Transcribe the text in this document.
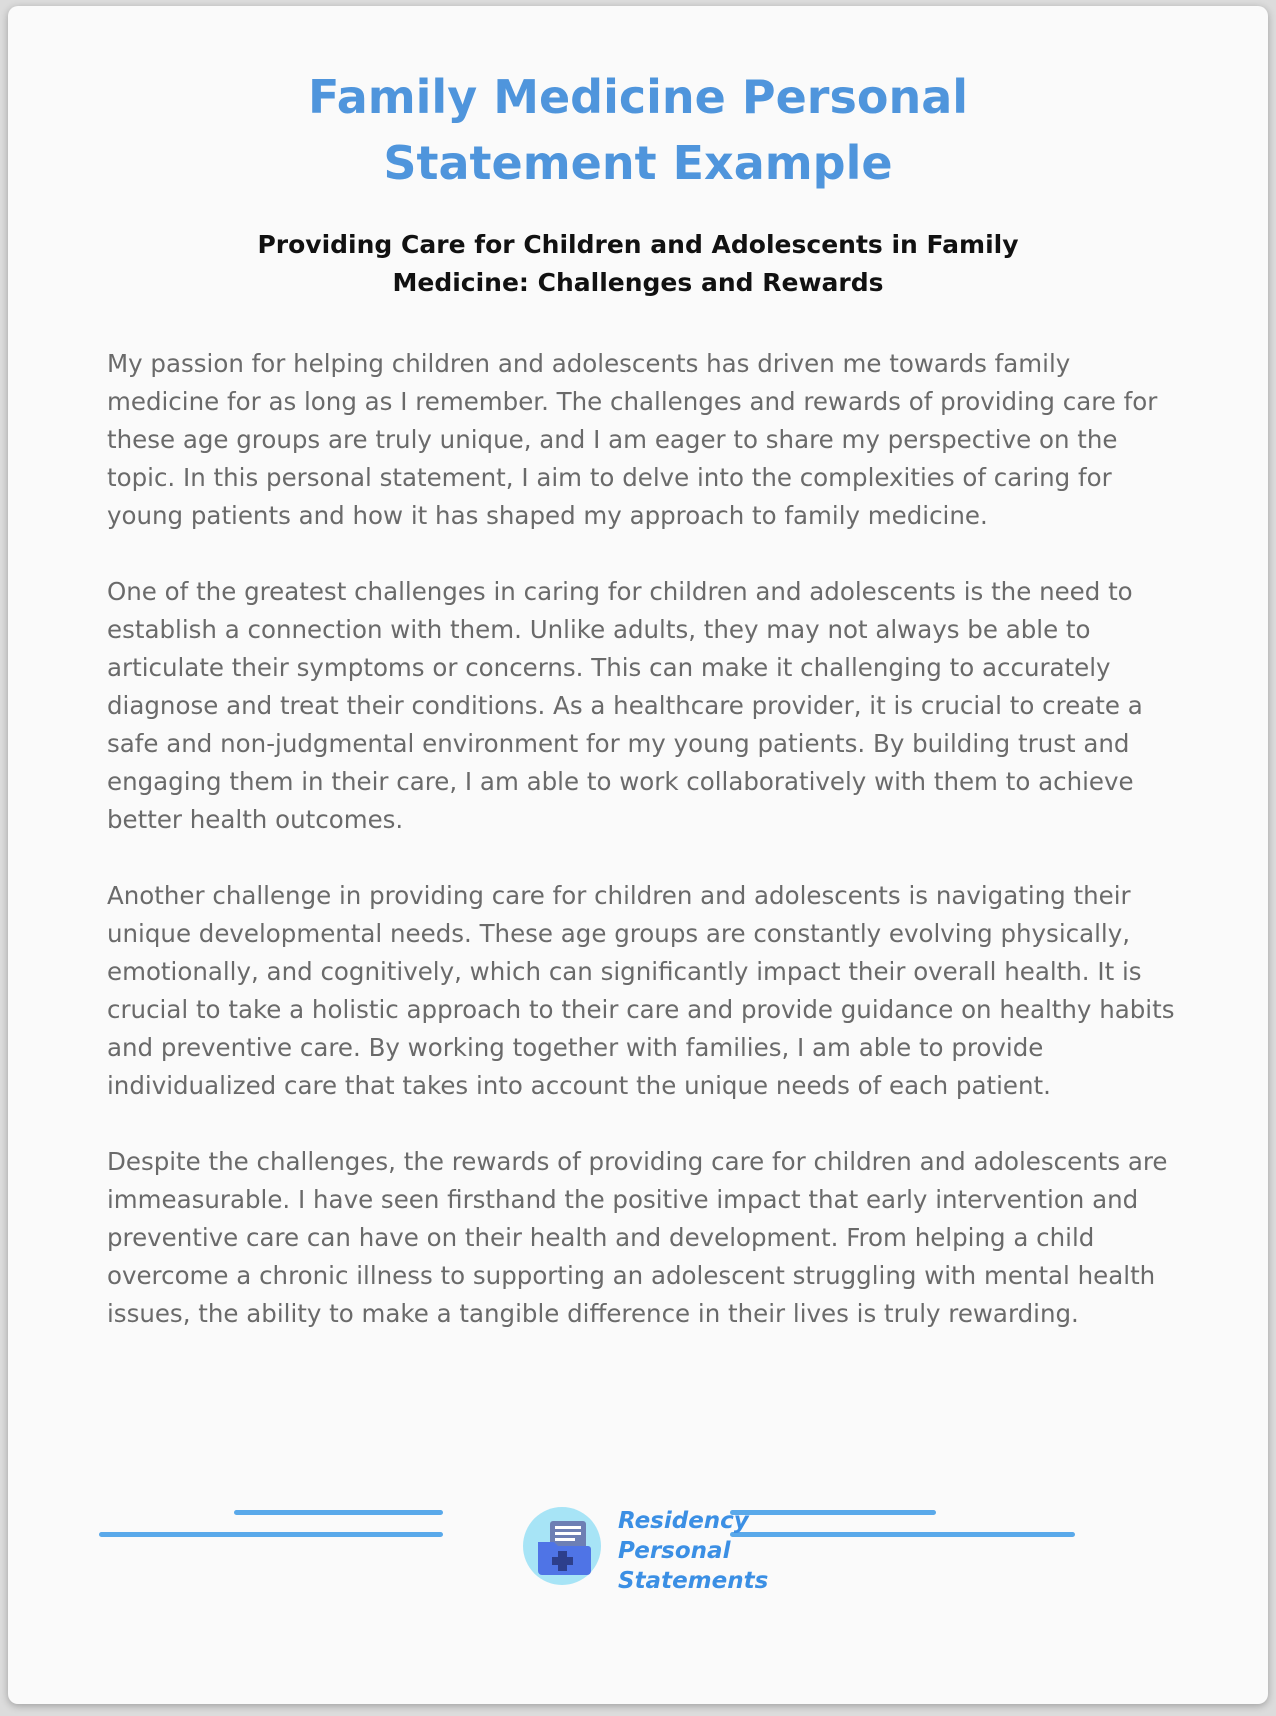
Family Medicine Personal
Statement Example
Providing Care for Children and Adolescents in Family
Medicine: Challenges and Rewards

My passion for helping children and adolescents has driven me towards family medicine for as long as I remember. The challenges and rewards of providing care for these age groups are truly unique, and I am eager to share my perspective on the topic. In this personal statement, I aim to delve into the complexities of caring for young patients and how it has shaped my approach to family medicine.

One of the greatest challenges in caring for children and adolescents is the need to establish a connection with them. Unlike adults, they may not always be able to articulate their symptoms or concerns. This can make it challenging to accurately diagnose and treat their conditions. As a healthcare provider, it is crucial to create a safe and non-judgmental environment for my young patients. By building trust and engaging them in their care, I am able to work collaboratively with them to achieve better health outcomes.

Another challenge in providing care for children and adolescents is navigating their unique developmental needs. These age groups are constantly evolving physically, emotionally, and cognitively, which can significantly impact their overall health. It is crucial to take a holistic approach to their care and provide guidance on healthy habits and preventive care. By working together with families, I am able to provide individualized care that takes into account the unique needs of each patient.

Despite the challenges, the rewards of providing care for children and adolescents are immeasurable. I have seen firsthand the positive impact that early intervention and preventive care can have on their health and development. From helping a child overcome a chronic illness to supporting an adolescent struggling with mental health issues, the ability to make a tangible difference in their lives is truly rewarding.

Residency
Personal
Statements
